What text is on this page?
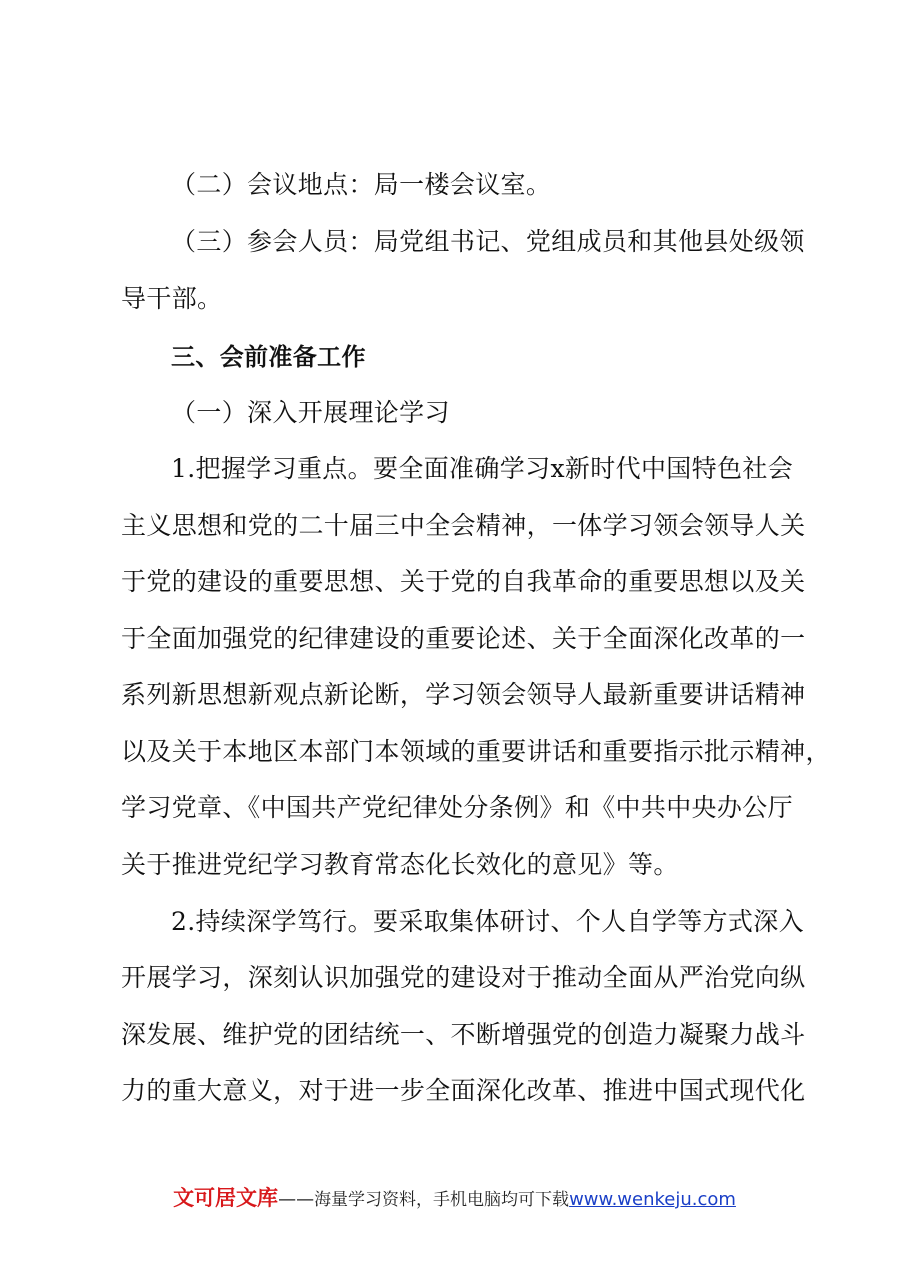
（二）会议地点：局一楼会议室。
（三）参会人员：局党组书记、党组成员和其他县处级领
导干部。
三、会前准备工作
（一）深入开展理论学习
1.把握学习重点。要全面准确学习x新时代中国特色社会
主义思想和党的二十届三中全会精神，一体学习领会领导人关
于党的建设的重要思想、关于党的自我革命的重要思想以及关
于全面加强党的纪律建设的重要论述、关于全面深化改革的一
系列新思想新观点新论断，学习领会领导人最新重要讲话精神
以及关于本地区本部门本领域的重要讲话和重要指示批示精神，
学习党章、《中国共产党纪律处分条例》和《中共中央办公厅
关于推进党纪学习教育常态化长效化的意见》等。
2.持续深学笃行。要采取集体研讨、个人自学等方式深入
开展学习，深刻认识加强党的建设对于推动全面从严治党向纵
深发展、维护党的团结统一、不断增强党的创造力凝聚力战斗
力的重大意义，对于进一步全面深化改革、推进中国式现代化
文可居文库——海量学习资料，手机电脑均可下载www.wenkeju.com
